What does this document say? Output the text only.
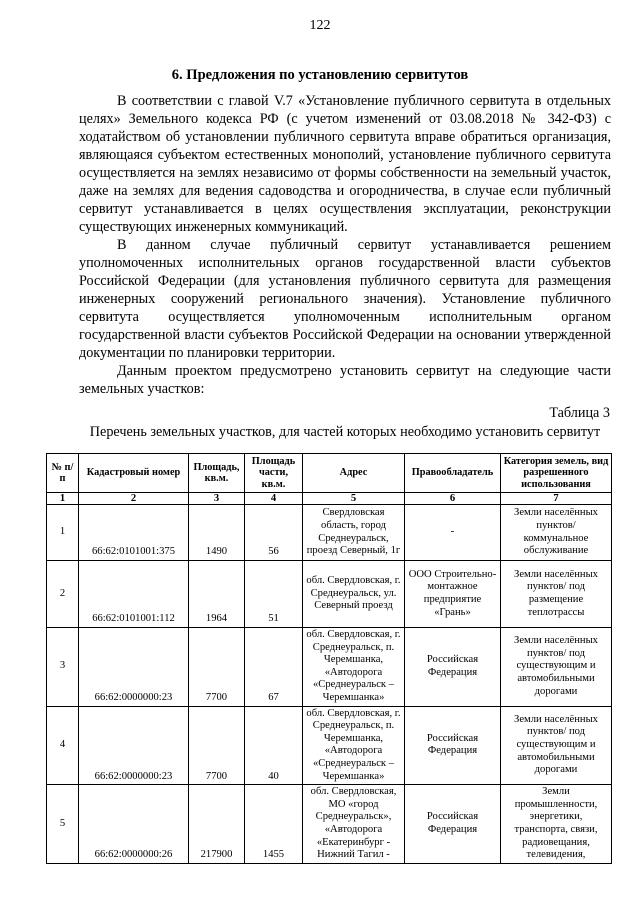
122
6. Предложения по установлению сервитутов

В соответствии с главой V.7 «Установление публичного сервитута в отдельных целях» Земельного кодекса РФ (с учетом изменений от 03.08.2018 № 342-ФЗ) с ходатайством об установлении публичного сервитута вправе обратиться организация, являющаяся субъектом естественных монополий, установление публичного сервитута осуществляется на землях независимо от формы собственности на земельный участок, даже на землях для ведения садоводства и огородничества, в случае если публичный сервитут устанавливается в целях осуществления эксплуатации, реконструкции существующих инженерных коммуникаций.

В данном случае публичный сервитут устанавливается решением уполномоченных исполнительных органов государственной власти субъектов Российской Федерации (для установления публичного сервитута для размещения инженерных сооружений регионального значения). Установление публичного сервитута осуществляется уполномоченным исполнительным органом государственной власти субъектов Российской Федерации на основании утвержденной документации по планировки территории.

Данным проектом предусмотрено установить сервитут на следующие части земельных участков:

Таблица 3
Перечень земельных участков, для частей которых необходимо установить сервитут
№ п/п	Кадастровый номер	Площадь, кв.м.	Площадь части, кв.м.	Адрес	Правообладатель	Категория земель, вид разрешенного использования
1	2	3	4	5	6	7
1	66:62:0101001:375	1490	56	Свердловская область, город Среднеуральск, проезд Северный, 1г	-	Земли населённых пунктов/ коммунальное обслуживание
2	66:62:0101001:112	1964	51	обл. Свердловская, г. Среднеуральск, ул. Северный проезд	ООО Строительно-монтажное предприятие «Грань»	Земли населённых пунктов/ под размещение теплотрассы
3	66:62:0000000:23	7700	67	обл. Свердловская, г. Среднеуральск, п. Черемшанка, «Автодорога «Среднеуральск – Черемшанка»	Российская Федерация	Земли населённых пунктов/ под существующим и автомобильными дорогами
4	66:62:0000000:23	7700	40	обл. Свердловская, г. Среднеуральск, п. Черемшанка, «Автодорога «Среднеуральск – Черемшанка»	Российская Федерация	Земли населённых пунктов/ под существующим и автомобильными дорогами
5	66:62:0000000:26	217900	1455	обл. Свердловская, МО «город Среднеуральск», «Автодорога «Екатеринбург - Нижний Тагил -	Российская Федерация	Земли промышленности, энергетики, транспорта, связи, радиовещания, телевидения,
